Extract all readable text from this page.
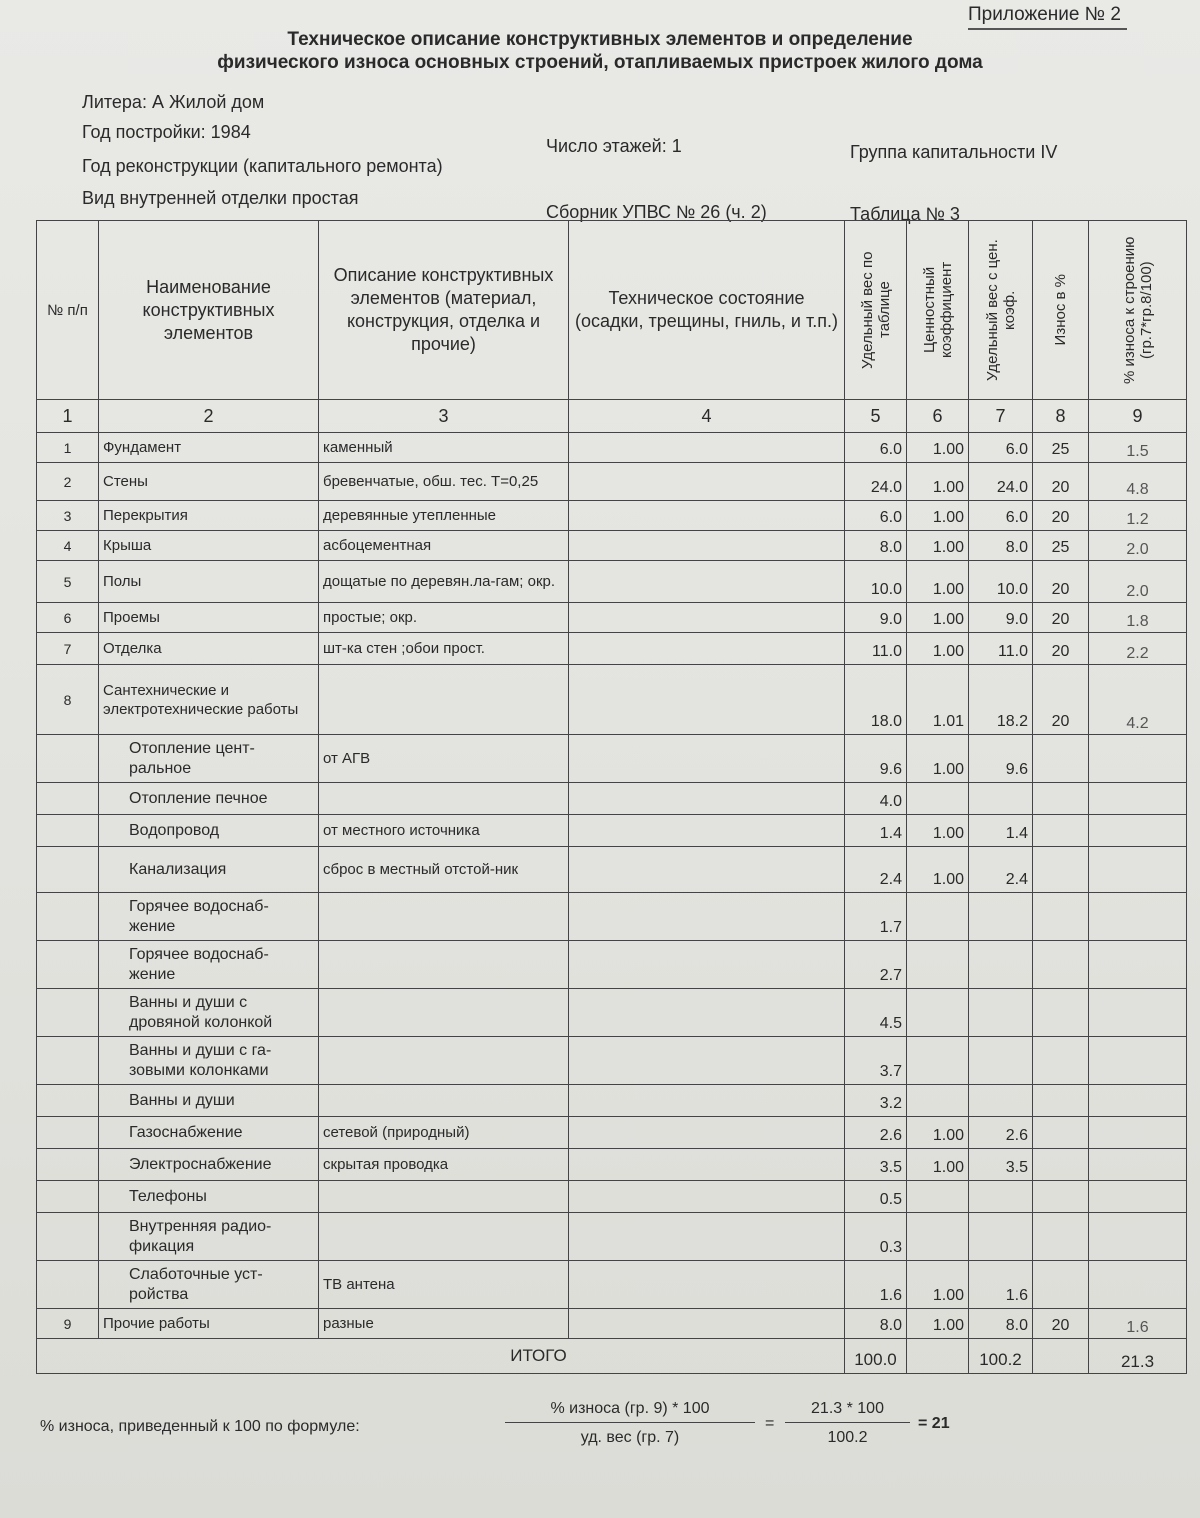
Приложение № 2
Техническое описание конструктивных элементов и определение
физического износа основных строений, отапливаемых пристроек жилого дома
Литера: А Жилой дом
Год постройки: 1984
Год реконструкции (капитального ремонта)
Вид внутренней отделки простая
Число этажей: 1	Группа капитальности IV
Сборник УПВС № 26 (ч. 2)	Таблица № 3
№ п/п	Наименование конструктивных элементов	Описание конструктивных элементов (материал, конструкция, отделка и прочие)	Техническое состояние (осадки, трещины, гниль, и т.п.)	Удельный вес по таблице	Ценностный коэффициент	Удельный вес с цен. коэф.	Износ в %	% износа к строению (гр.7*гр.8/100)

1	2	3	4	5	6	7	8	9
1	Фундамент	каменный		6.0	1.00	6.0	25	1.5
2	Стены	бревенчатые, обш. тес. Т=0,25		24.0	1.00	24.0	20	4.8
3	Перекрытия	деревянные утепленные		6.0	1.00	6.0	20	1.2
4	Крыша	асбоцементная		8.0	1.00	8.0	25	2.0
5	Полы	дощатые по деревян.ла-гам; окр.		10.0	1.00	10.0	20	2.0
6	Проемы	простые; окр.		9.0	1.00	9.0	20	1.8
7	Отделка	шт-ка стен ;обои прост.		11.0	1.00	11.0	20	2.2
8	Сантехнические и электротехнические работы			18.0	1.01	18.2	20	4.2
	Отопление цент-ральное	от АГВ		9.6	1.00	9.6		
	Отопление печное			4.0				
	Водопровод	от местного источника		1.4	1.00	1.4		
	Канализация	сброс в местный отстой-ник		2.4	1.00	2.4		
	Горячее водоснаб-жение			1.7				
	Горячее водоснаб-жение			2.7				
	Ванны и души с дровяной колонкой			4.5				
	Ванны и души с га-зовыми колонками			3.7				
	Ванны и души			3.2				
	Газоснабжение	сетевой (природный)		2.6	1.00	2.6		
	Электроснабжение	скрытая проводка		3.5	1.00	3.5		
	Телефоны			0.5				
	Внутренняя радио-фикация			0.3				
	Слаботочные уст-ройства	ТВ антена		1.6	1.00	1.6		
9	Прочие работы	разные		8.0	1.00	8.0	20	1.6
ИТОГО				100.0		100.2		21.3
% износа, приведенный к 100 по формуле:
% износа (гр. 9) * 100
уд. вес (гр. 7)
= $\frac{21.3 * 100}{100.2} = 21$
